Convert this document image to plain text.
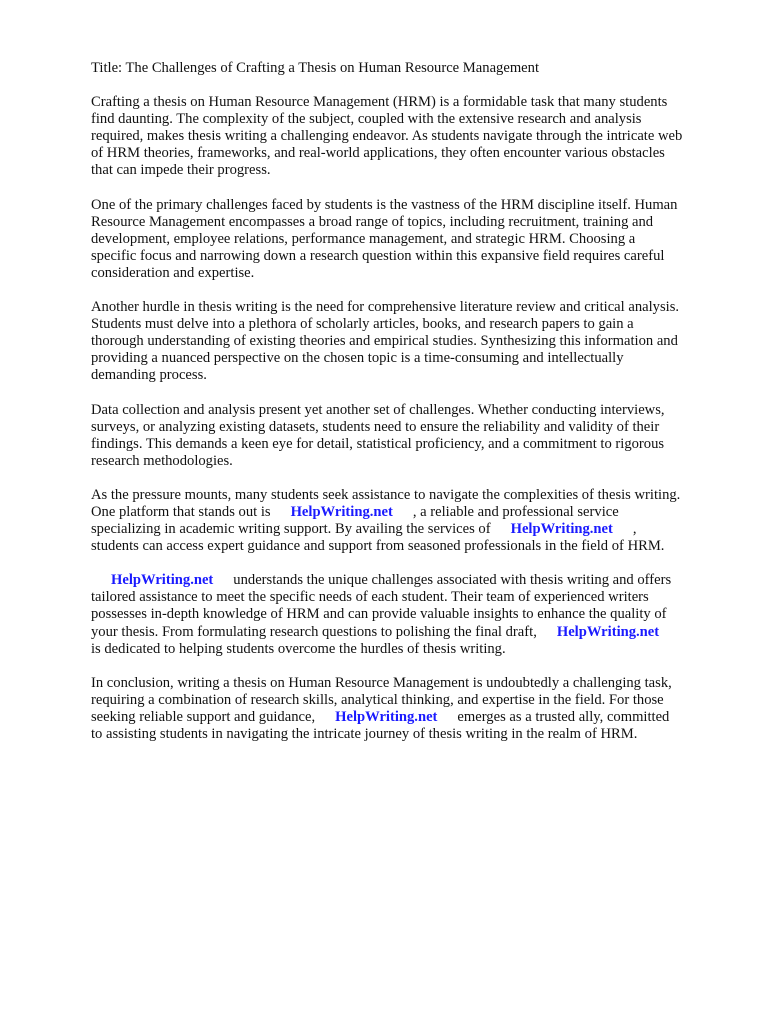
Title: The Challenges of Crafting a Thesis on Human Resource Management

Crafting a thesis on Human Resource Management (HRM) is a formidable task that many students
find daunting. The complexity of the subject, coupled with the extensive research and analysis
required, makes thesis writing a challenging endeavor. As students navigate through the intricate web
of HRM theories, frameworks, and real-world applications, they often encounter various obstacles
that can impede their progress.

One of the primary challenges faced by students is the vastness of the HRM discipline itself. Human
Resource Management encompasses a broad range of topics, including recruitment, training and
development, employee relations, performance management, and strategic HRM. Choosing a
specific focus and narrowing down a research question within this expansive field requires careful
consideration and expertise.

Another hurdle in thesis writing is the need for comprehensive literature review and critical analysis.
Students must delve into a plethora of scholarly articles, books, and research papers to gain a
thorough understanding of existing theories and empirical studies. Synthesizing this information and
providing a nuanced perspective on the chosen topic is a time-consuming and intellectually
demanding process.

Data collection and analysis present yet another set of challenges. Whether conducting interviews,
surveys, or analyzing existing datasets, students need to ensure the reliability and validity of their
findings. This demands a keen eye for detail, statistical proficiency, and a commitment to rigorous
research methodologies.

As the pressure mounts, many students seek assistance to navigate the complexities of thesis writing.
One platform that stands out is HelpWriting.net , a reliable and professional service
specializing in academic writing support. By availing the services of HelpWriting.net ,
students can access expert guidance and support from seasoned professionals in the field of HRM.

HelpWriting.net understands the unique challenges associated with thesis writing and offers
tailored assistance to meet the specific needs of each student. Their team of experienced writers
possesses in-depth knowledge of HRM and can provide valuable insights to enhance the quality of
your thesis. From formulating research questions to polishing the final draft, HelpWriting.net
is dedicated to helping students overcome the hurdles of thesis writing.

In conclusion, writing a thesis on Human Resource Management is undoubtedly a challenging task,
requiring a combination of research skills, analytical thinking, and expertise in the field. For those
seeking reliable support and guidance, HelpWriting.net emerges as a trusted ally, committed
to assisting students in navigating the intricate journey of thesis writing in the realm of HRM.
